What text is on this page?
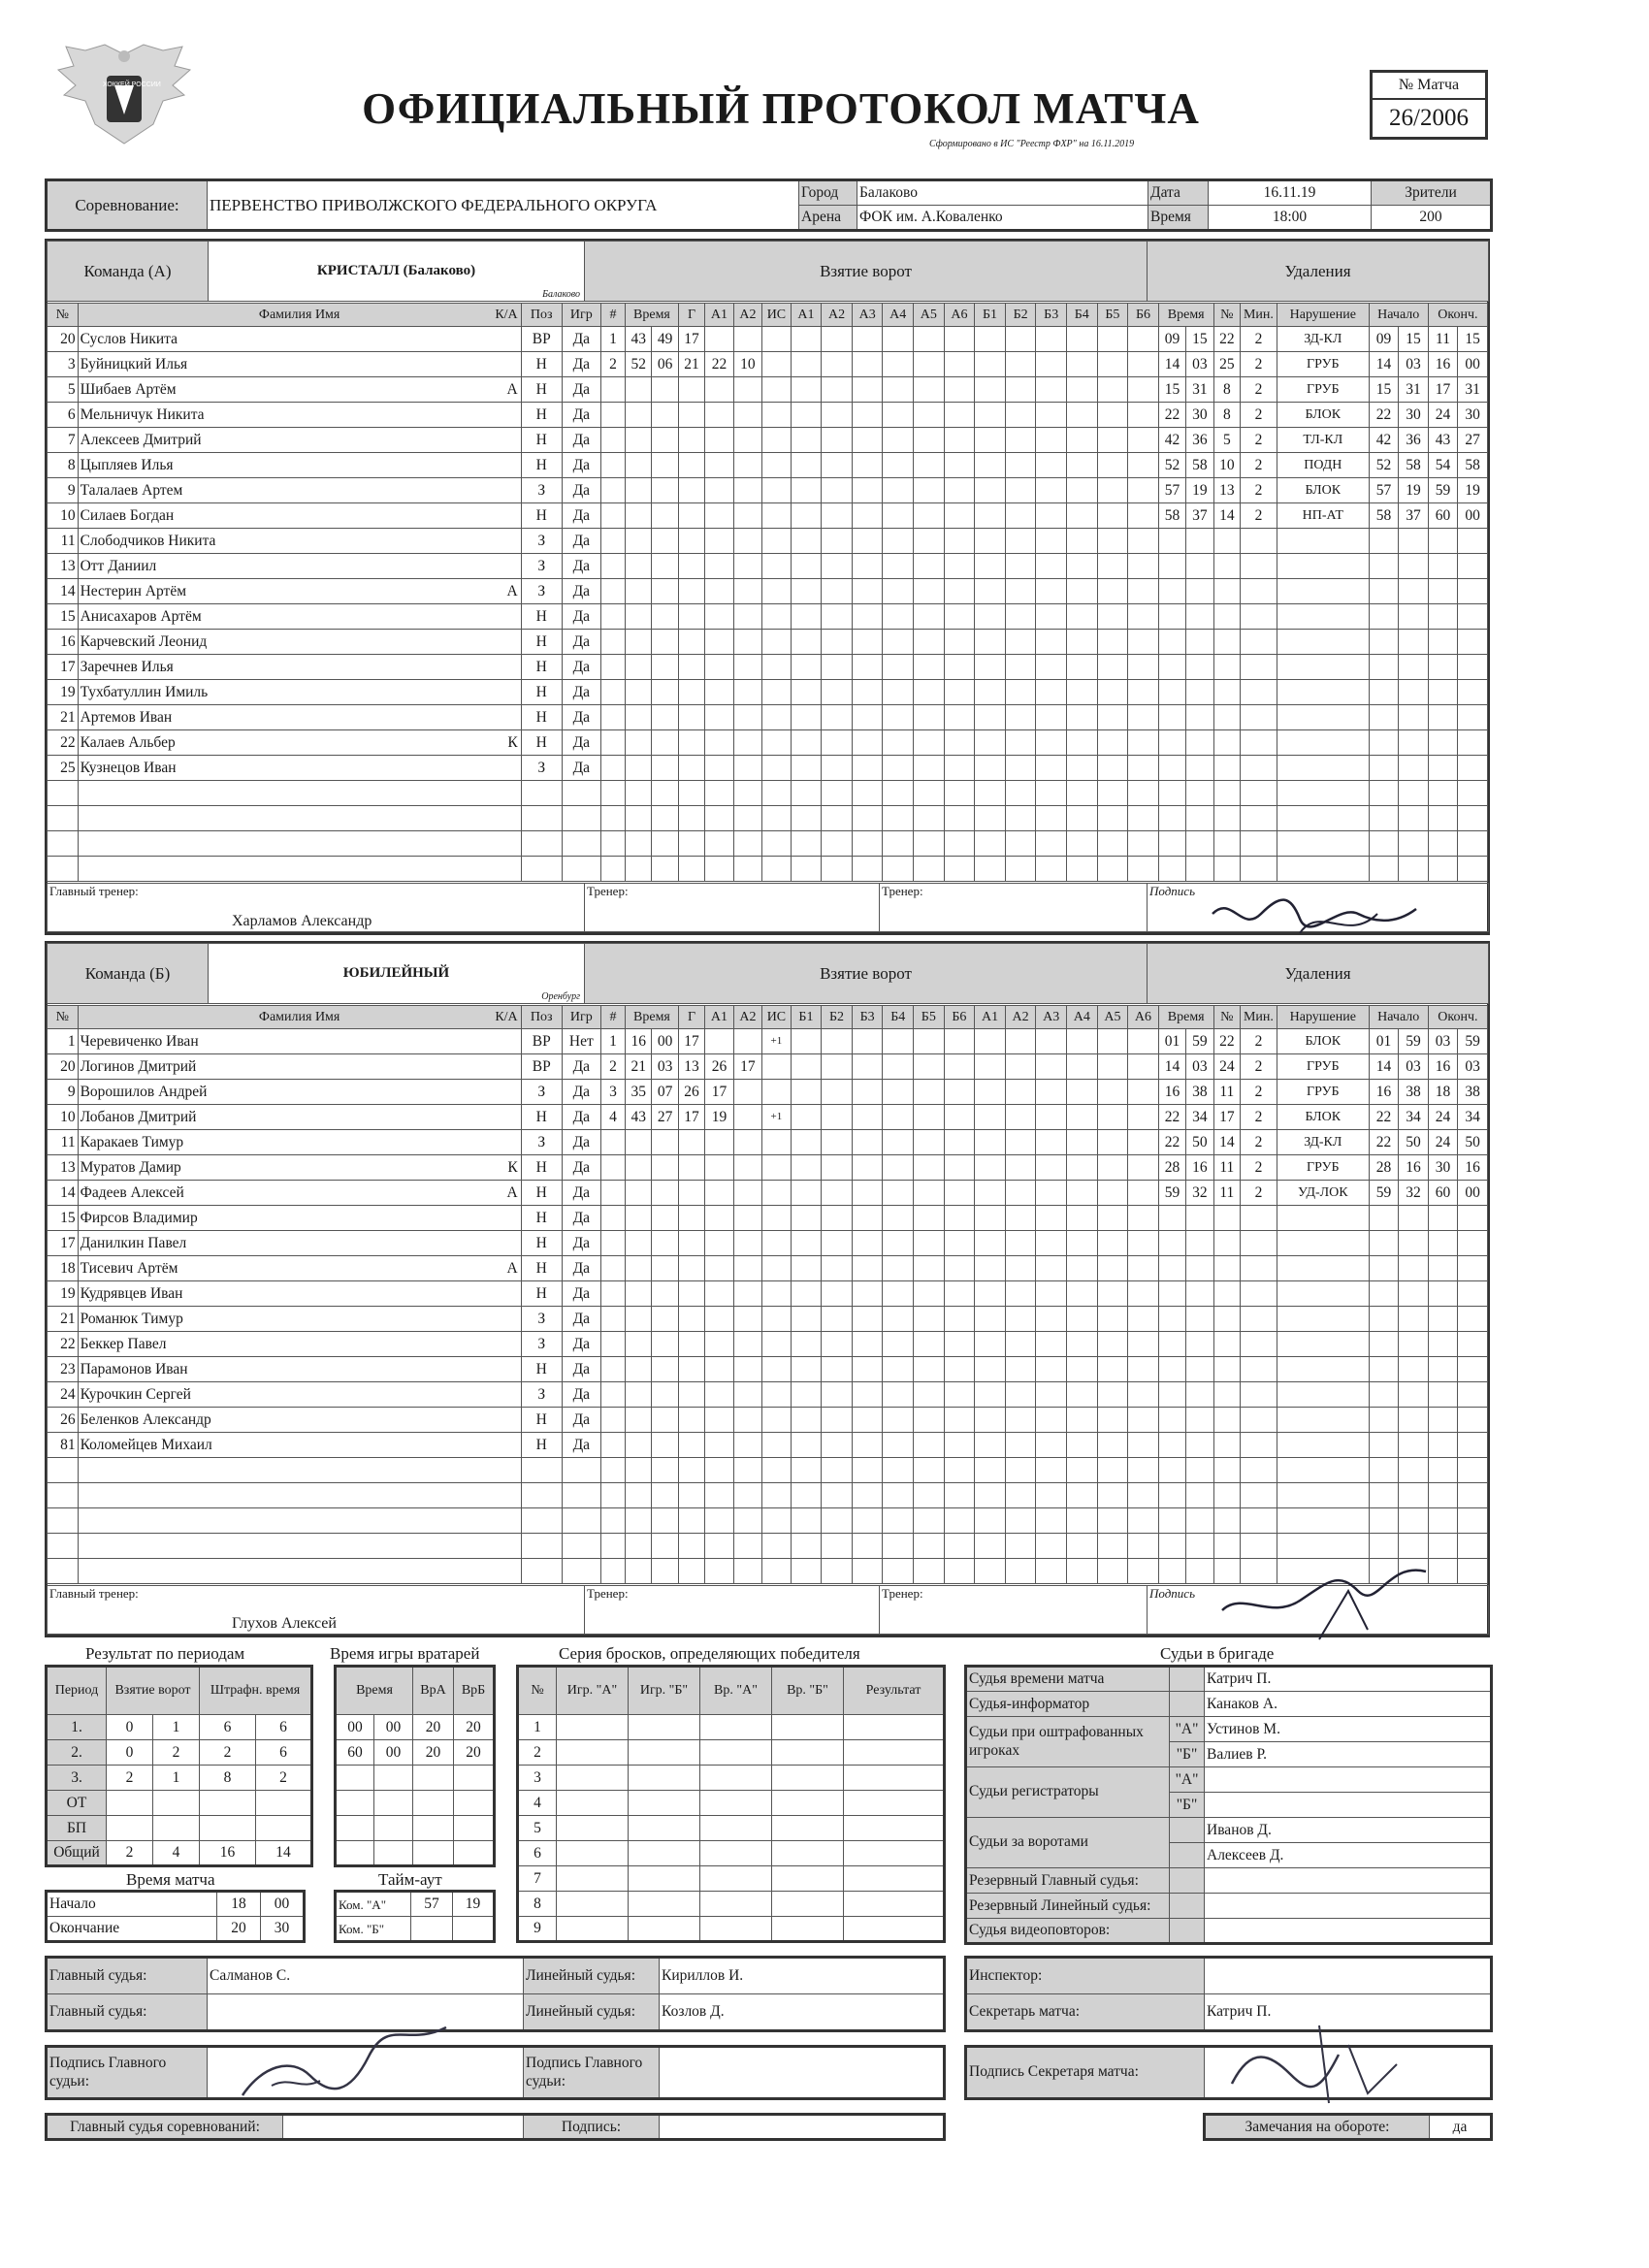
ХОККЕЙ РОССИИ	ОФИЦИАЛЬНЫЙ ПРОТОКОЛ МАТЧА
Сформировано в ИС "Реестр ФХР" на 16.11.2019
№ Матча
26/2006
Соревнование:	ПЕРВЕНСТВО ПРИВОЛЖСКОГО ФЕДЕРАЛЬНОГО ОКРУГА	Город	Балаково	Дата	16.11.19	Зрители
		Арена	ФОК им. А.Коваленко	Время	18:00	200
Команда (А)	КРИСТАЛЛ (Балаково)
Балаково
	Взятие ворот	Удаления
№	Фамилия Имя К/А	Поз	Игр	#	Время		Г	А1	А2	ИС	А1	А2	А3	А4	А5	А6	Б1	Б2	Б3	Б4	Б5	Б6	Время		№	Мин.	Нарушение	Начало		Оконч.	
20	Суслов Никита	ВР	Да	1	43	49	17																09	15	22	2	ЗД-КЛ	09	15	11	15
3	Буйницкий Илья	Н	Да	2	52	06	21	22	10														14	03	25	2	ГРУБ	14	03	16	00
5	Шибаев Артём А	Н	Да																				15	31	8	2	ГРУБ	15	31	17	31
6	Мельничук Никита	Н	Да																				22	30	8	2	БЛОК	22	30	24	30
7	Алексеев Дмитрий	Н	Да																				42	36	5	2	ТЛ-КЛ	42	36	43	27
8	Цыпляев Илья	Н	Да																				52	58	10	2	ПОДН	52	58	54	58
9	Талалаев Артем	З	Да																				57	19	13	2	БЛОК	57	19	59	19
10	Силаев Богдан	Н	Да																				58	37	14	2	НП-АТ	58	37	60	00
11	Слободчиков Никита	З	Да																												
13	Отт Даниил	З	Да																												
14	Нестерин Артём А	З	Да																												
15	Анисахаров Артём	Н	Да																												
16	Карчевский Леонид	Н	Да																												
17	Заречнев Илья	Н	Да																												
19	Тухбатуллин Имиль	Н	Да																												
21	Артемов Иван	Н	Да																												
22	Калаев Альбер К	Н	Да																												
25	Кузнецов Иван	З	Да																												

Главный тренер:
Харламов Александр
	Тренер:	Тренер:	Подпись
Команда (Б)	ЮБИЛЕЙНЫЙ
Оренбург
	Взятие ворот	Удаления
№	Фамилия Имя К/А	Поз	Игр	#	Время		Г	А1	А2	ИС	Б1	Б2	Б3	Б4	Б5	Б6	А1	А2	А3	А4	А5	А6	Время		№	Мин.	Нарушение	Начало		Оконч.	
1	Черевиченко Иван	ВР	Нет	1	16	00	17			+1													01	59	22	2	БЛОК	01	59	03	59
20	Логинов Дмитрий	ВР	Да	2	21	03	13	26	17														14	03	24	2	ГРУБ	14	03	16	03
9	Ворошилов Андрей	З	Да	3	35	07	26	17															16	38	11	2	ГРУБ	16	38	18	38
10	Лобанов Дмитрий	Н	Да	4	43	27	17	19		+1													22	34	17	2	БЛОК	22	34	24	34
11	Каракаев Тимур	З	Да																				22	50	14	2	ЗД-КЛ	22	50	24	50
13	Муратов Дамир К	Н	Да																				28	16	11	2	ГРУБ	28	16	30	16
14	Фадеев Алексей А	Н	Да																				59	32	11	2	УД-ЛОК	59	32	60	00
15	Фирсов Владимир	Н	Да																												
17	Данилкин Павел	Н	Да																												
18	Тисевич Артём А	Н	Да																												
19	Кудрявцев Иван	Н	Да																												
21	Романюк Тимур	З	Да																												
22	Беккер Павел	З	Да																												
23	Парамонов Иван	Н	Да																												
24	Курочкин Сергей	З	Да																												
26	Беленков Александр	Н	Да																												
81	Коломейцев Михаил	Н	Да																												

Главный тренер:
Глухов Алексей
	Тренер:	Тренер:	Подпись
Результат по периодам
Период	Взятие ворот		Штрафн. время	
1.	0	1	6	6
2.	0	2	2	6
3.	2	1	8	2
ОТ				
БП				
Общий	2	4	16	14
Время игры вратарей
Время		ВрА	ВрБ
00	00	20	20
60	00	20	20

Время матча
Начало	18	00
Окончание	20	30
Тайм-аут
Ком. "А"	57	19
Ком. "Б"		
Серия бросков, определяющих победителя
№	Игр. "А"	Игр. "Б"	Вр. "А"	Вр. "Б"	Результат
1					
2					
3					
4					
5					
6					
7					
8					
9					
Судьи в бригаде
Судья времени матча		Катрич П.
Судья-информатор		Канаков А.
Судьи при оштрафованных игроках	"А"	Устинов М.
	"Б"	Валиев Р.
Судьи регистраторы	"А"	
	"Б"	
Судьи за воротами		Иванов Д.
		Алексеев Д.
Резервный Главный судья:		
Резервный Линейный судья:		
Судья видеоповторов:		
Главный судья:	Салманов С.	Линейный судья:	Кириллов И.
Главный судья:		Линейный судья:	Козлов Д.
Инспектор:	
Секретарь матча:	Катрич П.
Подпись Главного судьи:		Подпись Главного судьи:	
Подпись Секретаря матча:	
Главный судья соревнований:		Подпись:		Замечания на обороте:	да
